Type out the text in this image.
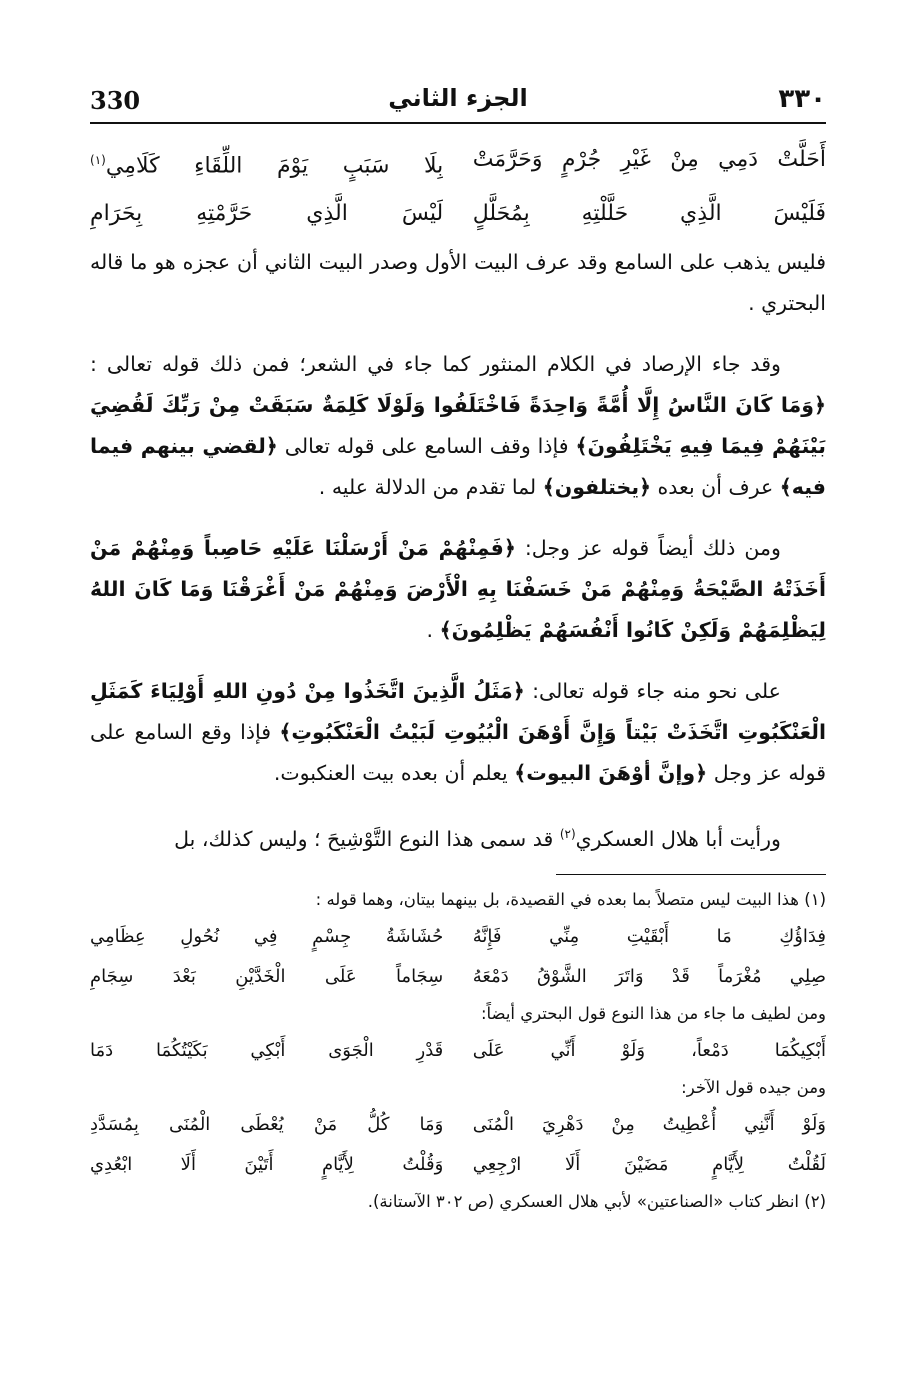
٣٣٠
الجزء الثاني
330
أَحَلَّتْ دَمِي مِنْ غَيْرِ جُرْمٍ وَحَرَّمَتْ
بِلَا سَبَبٍ يَوْمَ اللِّقَاءِ كَلَامِي$^{(١)}$
فَلَيْسَ الَّذِي حَلَّلْتِهِ بِمُحَلَّلٍ
لَيْسَ الَّذِي حَرَّمْتِهِ بِحَرَامِ

فليس يذهب على السامع وقد عرف البيت الأول وصدر البيت الثاني أن عجزه هو ما قاله البحتري .

وقد جاء الإرصاد في الكلام المنثور كما جاء في الشعر؛ فمن ذلك قوله تعالى : ﴿وَمَا كَانَ النَّاسُ إِلَّا أُمَّةً وَاحِدَةً فَاخْتَلَفُوا وَلَوْلَا كَلِمَةٌ سَبَقَتْ مِنْ رَبِّكَ لَقُضِيَ بَيْنَهُمْ فِيمَا فِيهِ يَخْتَلِفُونَ﴾ فإذا وقف السامع على قوله تعالى ﴿لقضي بينهم فيما فيه﴾ عرف أن بعده ﴿يختلفون﴾ لما تقدم من الدلالة عليه .

ومن ذلك أيضاً قوله عز وجل: ﴿فَمِنْهُمْ مَنْ أَرْسَلْنَا عَلَيْهِ حَاصِباً وَمِنْهُمْ مَنْ أَخَذَتْهُ الصَّيْحَةُ وَمِنْهُمْ مَنْ خَسَفْنَا بِهِ الْأَرْضَ وَمِنْهُمْ مَنْ أَغْرَقْنَا وَمَا كَانَ اللهُ لِيَظْلِمَهُمْ وَلَكِنْ كَانُوا أَنْفُسَهُمْ يَظْلِمُونَ﴾ .

على نحو منه جاء قوله تعالى: ﴿مَثَلُ الَّذِينَ اتَّخَذُوا مِنْ دُونِ اللهِ أَوْلِيَاءَ كَمَثَلِ الْعَنْكَبُوتِ اتَّخَذَتْ بَيْتاً وَإِنَّ أَوْهَنَ الْبُيُوتِ لَبَيْتُ الْعَنْكَبُوتِ﴾ فإذا وقع السامع على قوله عز وجل ﴿وإنَّ أوْهَنَ البيوت﴾ يعلم أن بعده بيت العنكبوت.

ورأيت أبا هلال العسكري$^{(٢)}$ قد سمى هذا النوع التَّوْشِيحَ ؛ وليس كذلك، بل

(١) هذا البيت ليس متصلاً بما بعده في القصيدة، بل بينهما بيتان، وهما قوله :

فِدَاؤُكِ مَا أَبْقَيْتِ مِنِّي فَإِنَّهُ
حُشَاشَةُ جِسْمٍ فِي نُحُولِ عِظَامِي
صِلِي مُغْرَماً قَدْ وَاتَرَ الشَّوْقُ دَمْعَهُ
سِجَاماً عَلَى الْخَدَّيْنِ بَعْدَ سِجَامِ

ومن لطيف ما جاء من هذا النوع قول البحتري أيضاً:

أَبْكِيكُمَا دَمْعاً، وَلَوْ أَنِّي عَلَى
قَدْرِ الْجَوَى أَبْكِي بَكَيْتُكُمَا دَمَا

ومن جيده قول الآخر:

وَلَوْ أَنَّنِي أُعْطِيتُ مِنْ دَهْرِيَ الْمُنَى
وَمَا كُلُّ مَنْ يُعْطَى الْمُنَى بِمُسَدَّدِ
لَقُلْتُ لِأَيَّامٍ مَضَيْنَ أَلَا ارْجِعِي
وَقُلْتُ لِأَيَّامٍ أَتَيْنَ أَلَا ابْعُدِي

(٢) انظر كتاب «الصناعتين» لأبي هلال العسكري (ص ٣٠٢ الآستانة).
